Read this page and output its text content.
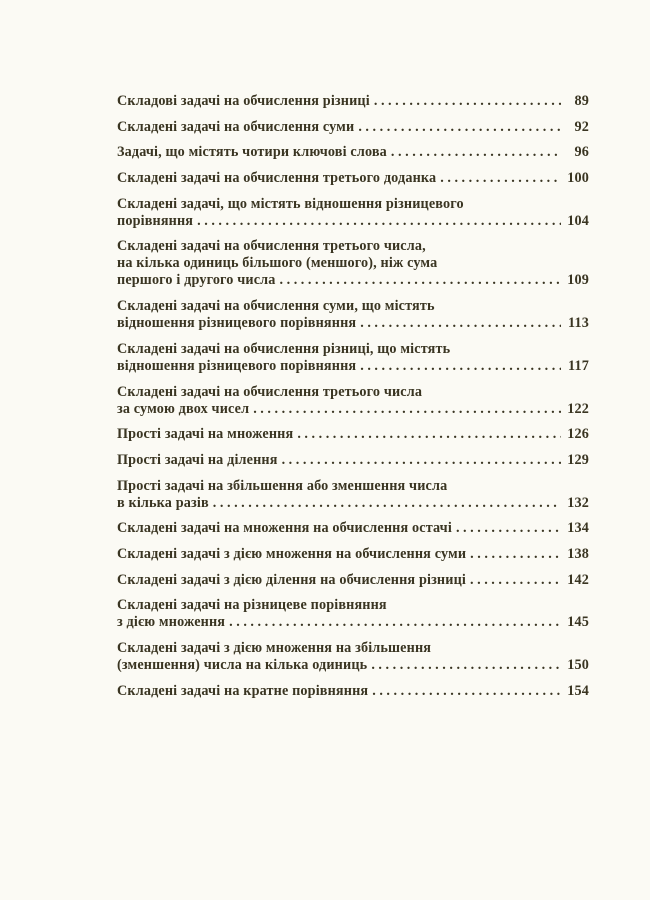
Складові задачі на обчислення різниці . . .	89
Складені задачі на обчислення суми . . .	92
Задачі, що містять чотири ключові слова . . .	96
Складені задачі на обчислення третього доданка . . .	100
Складені задачі, що містять відношення різницевого
порівняння . . .	104
Складені задачі на обчислення третього числа,
на кілька одиниць більшого (меншого), ніж сума
першого і другого числа . . .	109
Складені задачі на обчислення суми, що містять
відношення різницевого порівняння . . .	113
Складені задачі на обчислення різниці, що містять
відношення різницевого порівняння . . .	117
Складені задачі на обчислення третього числа
за сумою двох чисел . . .	122
Прості задачі на множення . . .	126
Прості задачі на ділення . . .	129
Прості задачі на збільшення або зменшення числа
в кілька разів . . .	132
Складені задачі на множення на обчислення остачі . . .	134
Складені задачі з дією множення на обчислення суми . . .	138
Складені задачі з дією ділення на обчислення різниці . . .	142
Складені задачі на різницеве порівняння
з дією множення . . .	145
Складені задачі з дією множення на збільшення
(зменшення) числа на кілька одиниць . . .	150
Складені задачі на кратне порівняння . . .	154
